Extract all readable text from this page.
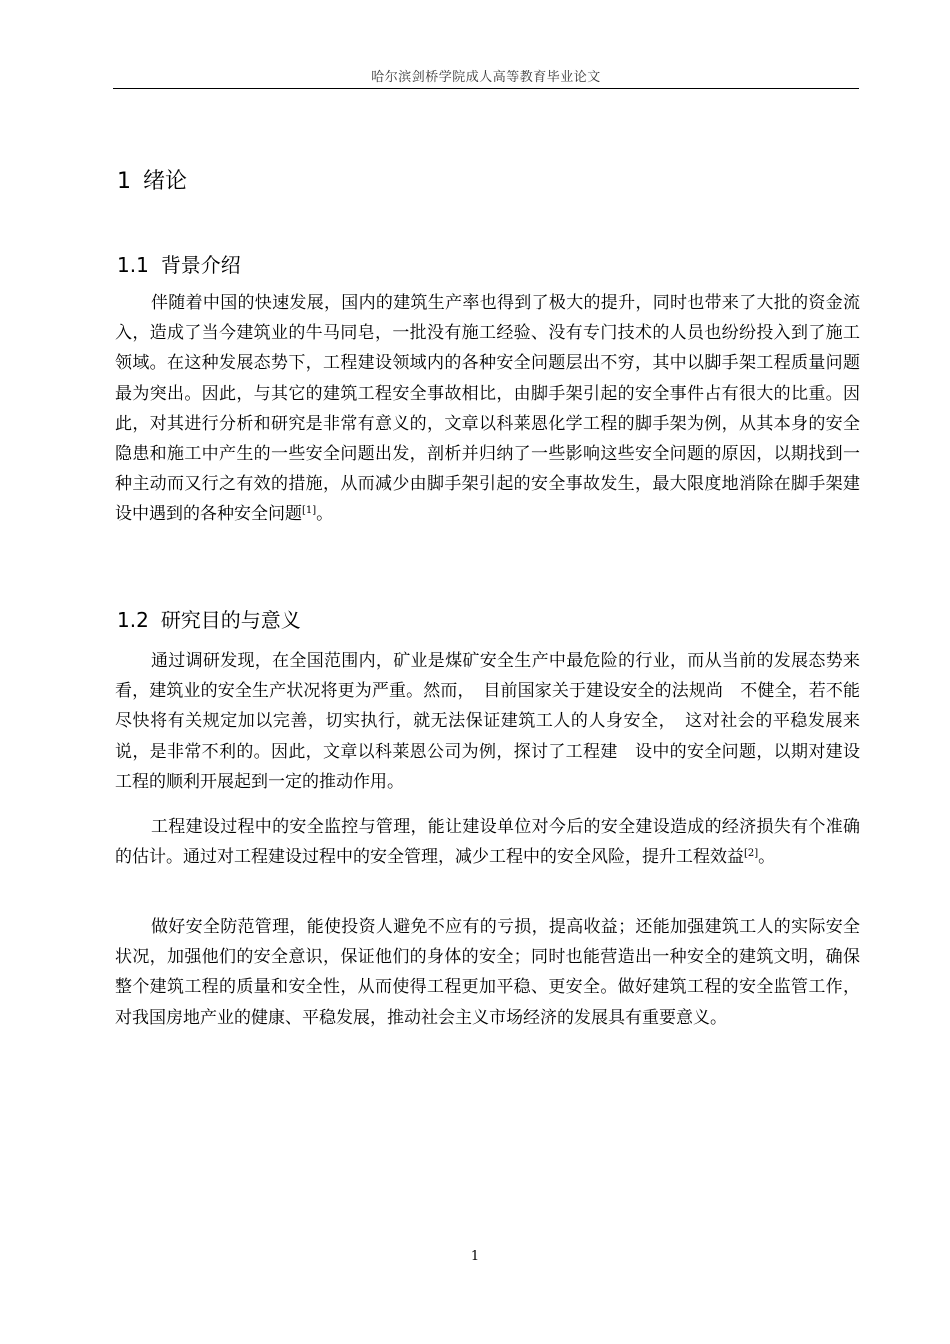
哈尔滨剑桥学院成人高等教育毕业论文
1 绪论
1.1 背景介绍

伴随着中国的快速发展，国内的建筑生产率也得到了极大的提升，同时也带来了大批的资金流入，造成了当今建筑业的牛马同皂，一批没有施工经验、没有专门技术的人员也纷纷投入到了施工领域。在这种发展态势下，工程建设领域内的各种安全问题层出不穷，其中以脚手架工程质量问题最为突出。因此，与其它的建筑工程安全事故相比，由脚手架引起的安全事件占有很大的比重。因此，对其进行分析和研究是非常有意义的，文章以科莱恩化学工程的脚手架为例，从其本身的安全隐患和施工中产生的一些安全问题出发，剖析并归纳了一些影响这些安全问题的原因，以期找到一种主动而又行之有效的措施，从而减少由脚手架引起的安全事故发生，最大限度地消除在脚手架建设中遇到的各种安全问题[1]。

1.2 研究目的与意义

通过调研发现，在全国范围内，矿业是煤矿安全生产中最危险的行业，而从当前的发展态势来看，建筑业的安全生产状况将更为严重。然而，　目前国家关于建设安全的法规尚　不健全，若不能尽快将有关规定加以完善，切实执行，就无法保证建筑工人的人身安全，　这对社会的平稳发展来说，是非常不利的。因此，文章以科莱恩公司为例，探讨了工程建　设中的安全问题，以期对建设工程的顺利开展起到一定的推动作用。

工程建设过程中的安全监控与管理，能让建设单位对今后的安全建设造成的经济损失有个准确的估计。通过对工程建设过程中的安全管理，减少工程中的安全风险，提升工程效益[2]。

做好安全防范管理，能使投资人避免不应有的亏损，提高收益；还能加强建筑工人的实际安全状况，加强他们的安全意识，保证他们的身体的安全；同时也能营造出一种安全的建筑文明，确保整个建筑工程的质量和安全性，从而使得工程更加平稳、更安全。做好建筑工程的安全监管工作，对我国房地产业的健康、平稳发展，推动社会主义市场经济的发展具有重要意义。

1
